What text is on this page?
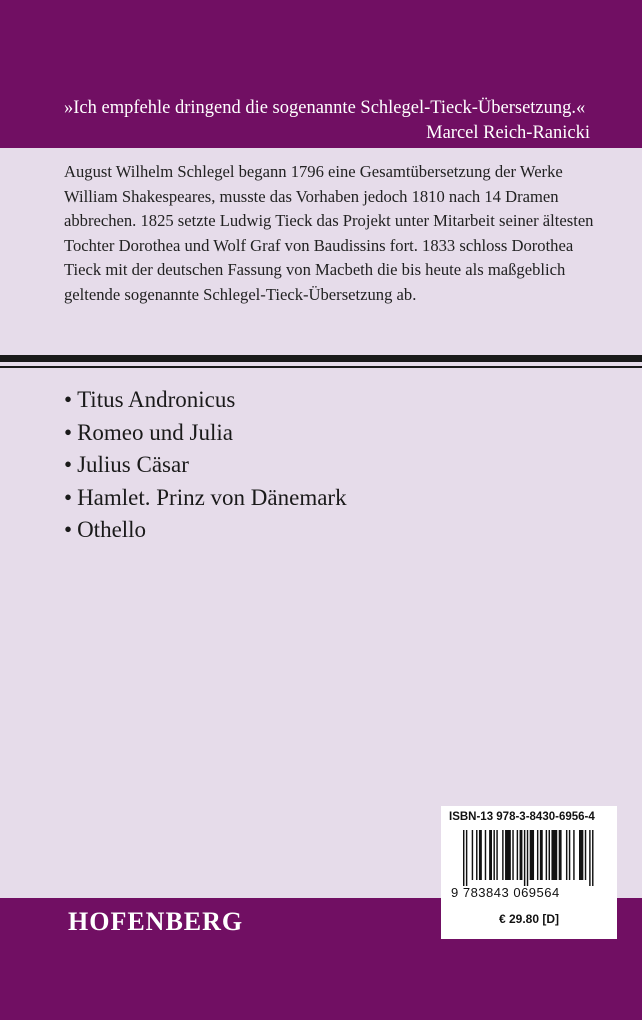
»Ich empfehle dringend die sogenannte Schlegel-Tieck-Übersetzung.«
Marcel Reich-Ranicki

August Wilhelm Schlegel begann 1796 eine Gesamtübersetzung der Werke William Shakespeares, musste das Vorhaben jedoch 1810 nach 14 Dramen abbrechen. 1825 setzte Ludwig Tieck das Projekt unter Mitarbeit seiner ältesten Tochter Dorothea und Wolf Graf von Baudissins fort. 1833 schloss Dorothea Tieck mit der deutschen Fassung von Macbeth die bis heute als maßgeblich geltende sogenannte Schlegel-Tieck-Übersetzung ab.

• Titus Andronicus
• Romeo und Julia
• Julius Cäsar
• Hamlet. Prinz von Dänemark
• Othello
HOFENBERG
ISBN-13 978-3-8430-6956-4
9 783843 069564
€ 29.80 [D]
